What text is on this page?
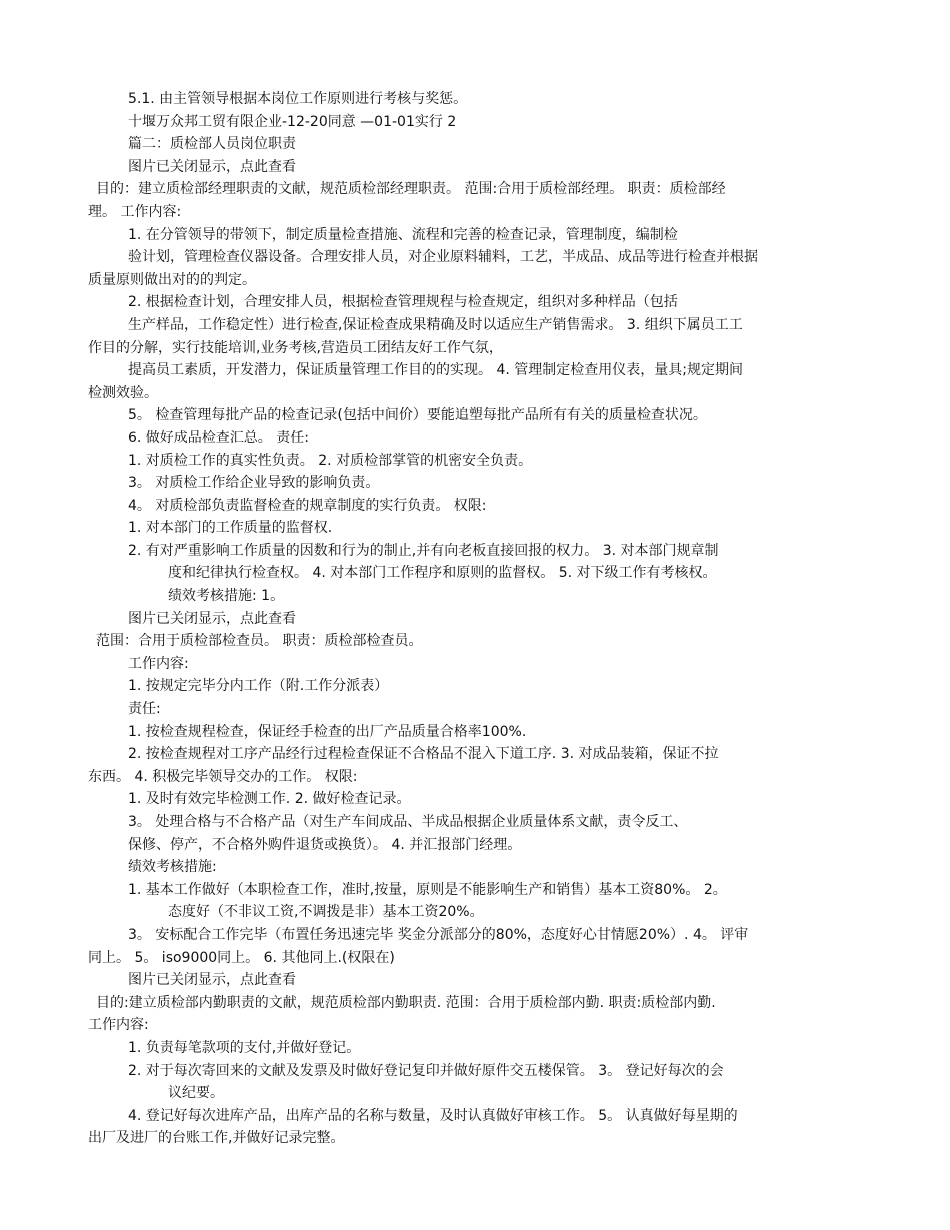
5.1. 由主管领导根据本岗位工作原则进行考核与奖惩。

十堰万众邦工贸有限企业-12-20同意 —01-01实行 2

篇二：质检部人员岗位职责

图片已关闭显示，点此查看

目的：建立质检部经理职责的文献，规范质检部经理职责。 范围:合用于质检部经理。 职责：质检部经

理。 工作内容:

1. 在分管领导的带领下，制定质量检查措施、流程和完善的检查记录，管理制度，编制检

验计划，管理检查仪器设备。合理安排人员，对企业原料辅料，工艺，半成品、成品等进行检查并根据

质量原则做出对的的判定。

2. 根据检查计划，合理安排人员，根据检查管理规程与检查规定，组织对多种样品（包括

生产样品，工作稳定性）进行检查,保证检查成果精确及时以适应生产销售需求。 3. 组织下属员工工

作目的分解，实行技能培训,业务考核,营造员工团结友好工作气氛，

提高员工素质，开发潜力，保证质量管理工作目的的实现。 4. 管理制定检查用仪表，量具;规定期间

检测效验。

5。 检查管理每批产品的检查记录(包括中间价）要能追塑每批产品所有有关的质量检查状况。

6. 做好成品检查汇总。 责任:

1. 对质检工作的真实性负责。 2. 对质检部掌管的机密安全负责。

3。 对质检工作给企业导致的影响负责。

4。 对质检部负责监督检查的规章制度的实行负责。 权限:

1. 对本部门的工作质量的监督权.

2. 有对严重影响工作质量的因数和行为的制止,并有向老板直接回报的权力。 3. 对本部门规章制

度和纪律执行检查权。 4. 对本部门工作程序和原则的监督权。 5. 对下级工作有考核权。

绩效考核措施: 1。

图片已关闭显示，点此查看

范围：合用于质检部检查员。 职责：质检部检查员。

工作内容:

1. 按规定完毕分内工作（附.工作分派表）

责任:

1. 按检查规程检查，保证经手检查的出厂产品质量合格率100%.

2. 按检查规程对工序产品经行过程检查保证不合格品不混入下道工序. 3. 对成品装箱，保证不拉

东西。 4. 积极完毕领导交办的工作。 权限:

1. 及时有效完毕检测工作. 2. 做好检查记录。

3。 处理合格与不合格产品（对生产车间成品、半成品根据企业质量体系文献，责令反工、

保修、停产，不合格外购件退货或换货）。 4. 并汇报部门经理。

绩效考核措施:

1. 基本工作做好（本职检查工作，准时,按量，原则是不能影响生产和销售）基本工资80%。 2。

态度好（不非议工资,不调拨是非）基本工资20%。

3。 安标配合工作完毕（布置任务迅速完毕 奖金分派部分的80%，态度好心甘情愿20%）. 4。 评审

同上。 5。 iso9000同上。 6. 其他同上.(权限在)

图片已关闭显示，点此查看

目的:建立质检部内勤职责的文献，规范质检部内勤职责. 范围：合用于质检部内勤. 职责:质检部内勤.

工作内容:

1. 负责每笔款项的支付,并做好登记。

2. 对于每次寄回来的文献及发票及时做好登记复印并做好原件交五楼保管。 3。 登记好每次的会

议纪要。

4. 登记好每次进库产品，出库产品的名称与数量，及时认真做好审核工作。 5。 认真做好每星期的

出厂及进厂的台账工作,并做好记录完整。
